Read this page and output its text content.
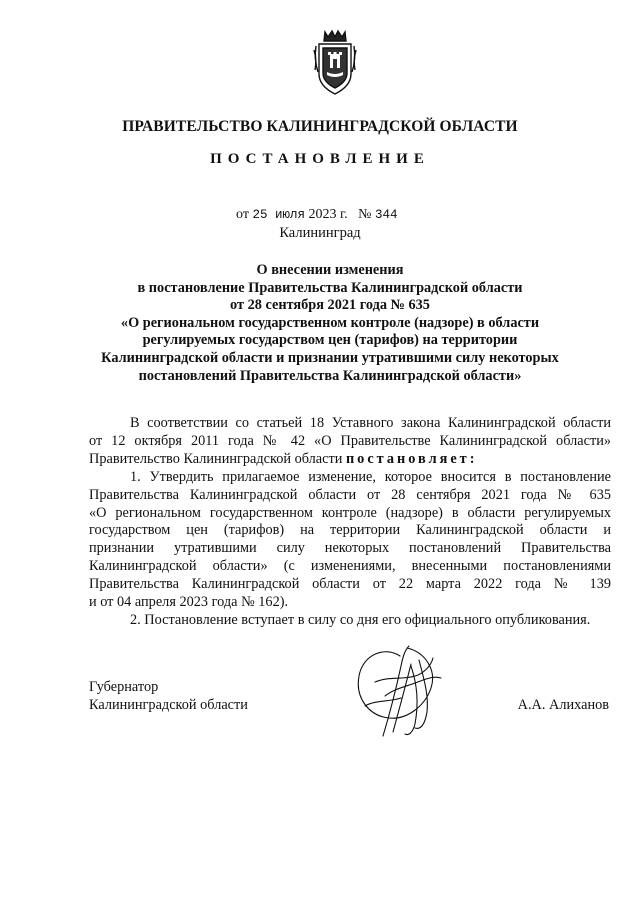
ПРАВИТЕЛЬСТВО КАЛИНИНГРАДСКОЙ ОБЛАСТИ
ПОСТАНОВЛЕНИЕ
от 25 июля 2023 г. № 344
Калининград
О внесении изменения
в постановление Правительства Калининградской области
от 28 сентября 2021 года № 635
«О региональном государственном контроле (надзоре) в области
регулируемых государством цен (тарифов) на территории
Калининградской области и признании утратившими силу некоторых
постановлений Правительства Калининградской области»
В соответствии со статьей 18 Уставного закона Калининградской области
от 12 октября 2011 года № 42 «О Правительстве Калининградской области»
Правительство Калининградской области постановляет:
1. Утвердить прилагаемое изменение, которое вносится в постановление
Правительства Калининградской области от 28 сентября 2021 года № 635
«О региональном государственном контроле (надзоре) в области регулируемых
государством цен (тарифов) на территории Калининградской области и
признании утратившими силу некоторых постановлений Правительства
Калининградской области» (с изменениями, внесенными постановлениями
Правительства Калининградской области от 22 марта 2022 года № 139
и от 04 апреля 2023 года № 162).
2. Постановление вступает в силу со дня его официального опубликования.
Губернатор
Калининградской области	А.А. Алиханов
